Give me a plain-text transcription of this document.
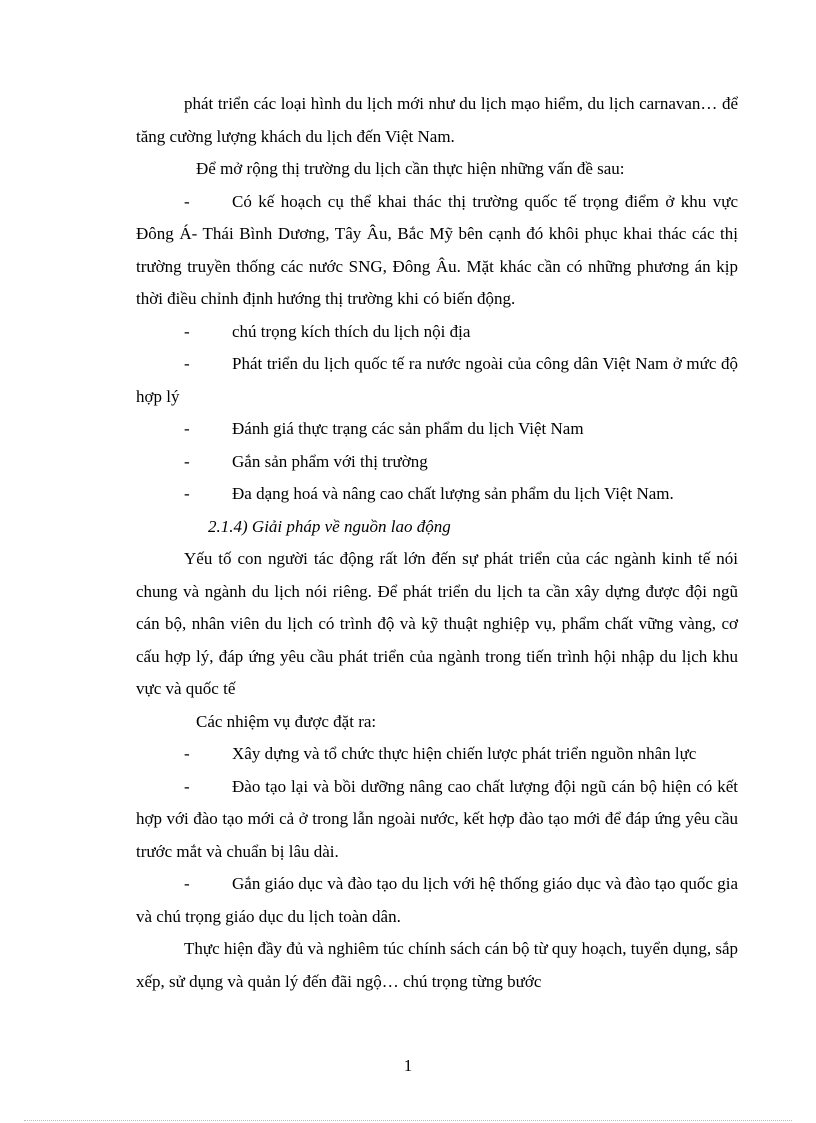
phát triển các loại hình du lịch mới như du lịch mạo hiểm, du lịch carnavan… để tăng cường lượng khách du lịch đến Việt Nam.

Để mở rộng thị trường du lịch cần thực hiện những vấn đề sau:

- Có kế hoạch cụ thể khai thác thị trường quốc tế trọng điểm ở khu vực Đông Á- Thái Bình Dương, Tây Âu, Bắc Mỹ bên cạnh đó khôi phục khai thác các thị trường truyền thống các nước SNG, Đông Âu. Mặt khác cần có những phương án kịp thời điều chỉnh định hướng thị trường khi có biến động.

- chú trọng kích thích du lịch nội địa

- Phát triển du lịch quốc tế ra nước ngoài của công dân Việt Nam ở mức độ hợp lý

- Đánh giá thực trạng các sản phẩm du lịch Việt Nam

- Gắn sản phẩm với thị trường

- Đa dạng hoá và nâng cao chất lượng sản phẩm du lịch Việt Nam.

2.1.4) Giải pháp về nguồn lao động

Yếu tố con người tác động rất lớn đến sự phát triển của các ngành kinh tế nói chung và ngành du lịch nói riêng. Để phát triển du lịch ta cần xây dựng được đội ngũ cán bộ, nhân viên du lịch có trình độ và kỹ thuật nghiệp vụ, phẩm chất vững vàng, cơ cấu hợp lý, đáp ứng yêu cầu phát triển của ngành trong tiến trình hội nhập du lịch khu vực và quốc tế

Các nhiệm vụ được đặt ra:

- Xây dựng và tổ chức thực hiện chiến lược phát triển nguồn nhân lực

- Đào tạo lại và bồi dưỡng nâng cao chất lượng đội ngũ cán bộ hiện có kết hợp với đào tạo mới cả ở trong lẫn ngoài nước, kết hợp đào tạo mới để đáp ứng yêu cầu trước mắt và chuẩn bị lâu dài.

- Gắn giáo dục và đào tạo du lịch với hệ thống giáo dục và đào tạo quốc gia và chú trọng giáo dục du lịch toàn dân.

Thực hiện đầy đủ và nghiêm túc chính sách cán bộ từ quy hoạch, tuyển dụng, sắp xếp, sử dụng và quản lý đến đãi ngộ… chú trọng từng bước

1
